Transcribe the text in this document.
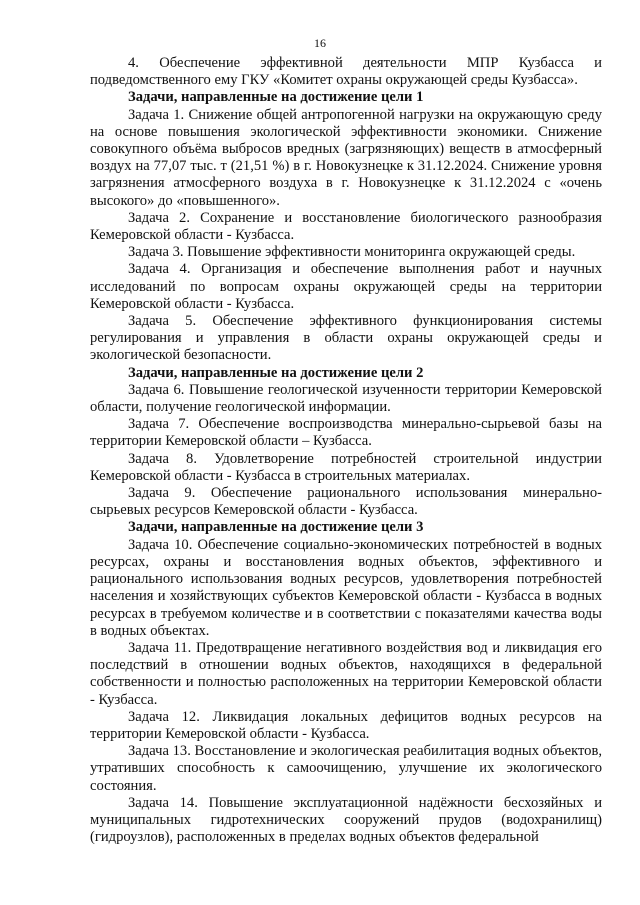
16

4. Обеспечение эффективной деятельности МПР Кузбасса и подведомственного ему ГКУ «Комитет охраны окружающей среды Кузбасса».

Задачи, направленные на достижение цели 1

Задача 1. Снижение общей антропогенной нагрузки на окружающую среду на основе повышения экологической эффективности экономики. Снижение совокупного объёма выбросов вредных (загрязняющих) веществ в атмосферный воздух на 77,07 тыс. т (21,51 %) в г. Новокузнецке к 31.12.2024. Снижение уровня загрязнения атмосферного воздуха в г. Новокузнецке к 31.12.2024 с «очень высокого» до «повышенного».

Задача 2. Сохранение и восстановление биологического разнообразия Кемеровской области - Кузбасса.

Задача 3. Повышение эффективности мониторинга окружающей среды.

Задача 4. Организация и обеспечение выполнения работ и научных исследований по вопросам охраны окружающей среды на территории Кемеровской области - Кузбасса.

Задача 5. Обеспечение эффективного функционирования системы регулирования и управления в области охраны окружающей среды и экологической безопасности.

Задачи, направленные на достижение цели 2

Задача 6. Повышение геологической изученности территории Кемеровской области, получение геологической информации.

Задача 7. Обеспечение воспроизводства минерально-сырьевой базы на территории Кемеровской области – Кузбасса.

Задача 8. Удовлетворение потребностей строительной индустрии Кемеровской области - Кузбасса в строительных материалах.

Задача 9. Обеспечение рационального использования минерально-сырьевых ресурсов Кемеровской области - Кузбасса.

Задачи, направленные на достижение цели 3

Задача 10. Обеспечение социально-экономических потребностей в водных ресурсах, охраны и восстановления водных объектов, эффективного и рационального использования водных ресурсов, удовлетворения потребностей населения и хозяйствующих субъектов Кемеровской области - Кузбасса в водных ресурсах в требуемом количестве и в соответствии с показателями качества воды в водных объектах.

Задача 11. Предотвращение негативного воздействия вод и ликвидация его последствий в отношении водных объектов, находящихся в федеральной собственности и полностью расположенных на территории Кемеровской области - Кузбасса.

Задача 12. Ликвидация локальных дефицитов водных ресурсов на территории Кемеровской области - Кузбасса.

Задача 13. Восстановление и экологическая реабилитация водных объектов, утративших способность к самоочищению, улучшение их экологического состояния.

Задача 14. Повышение эксплуатационной надёжности бесхозяйных и муниципальных гидротехнических сооружений прудов (водохранилищ) (гидроузлов), расположенных в пределах водных объектов федеральной
